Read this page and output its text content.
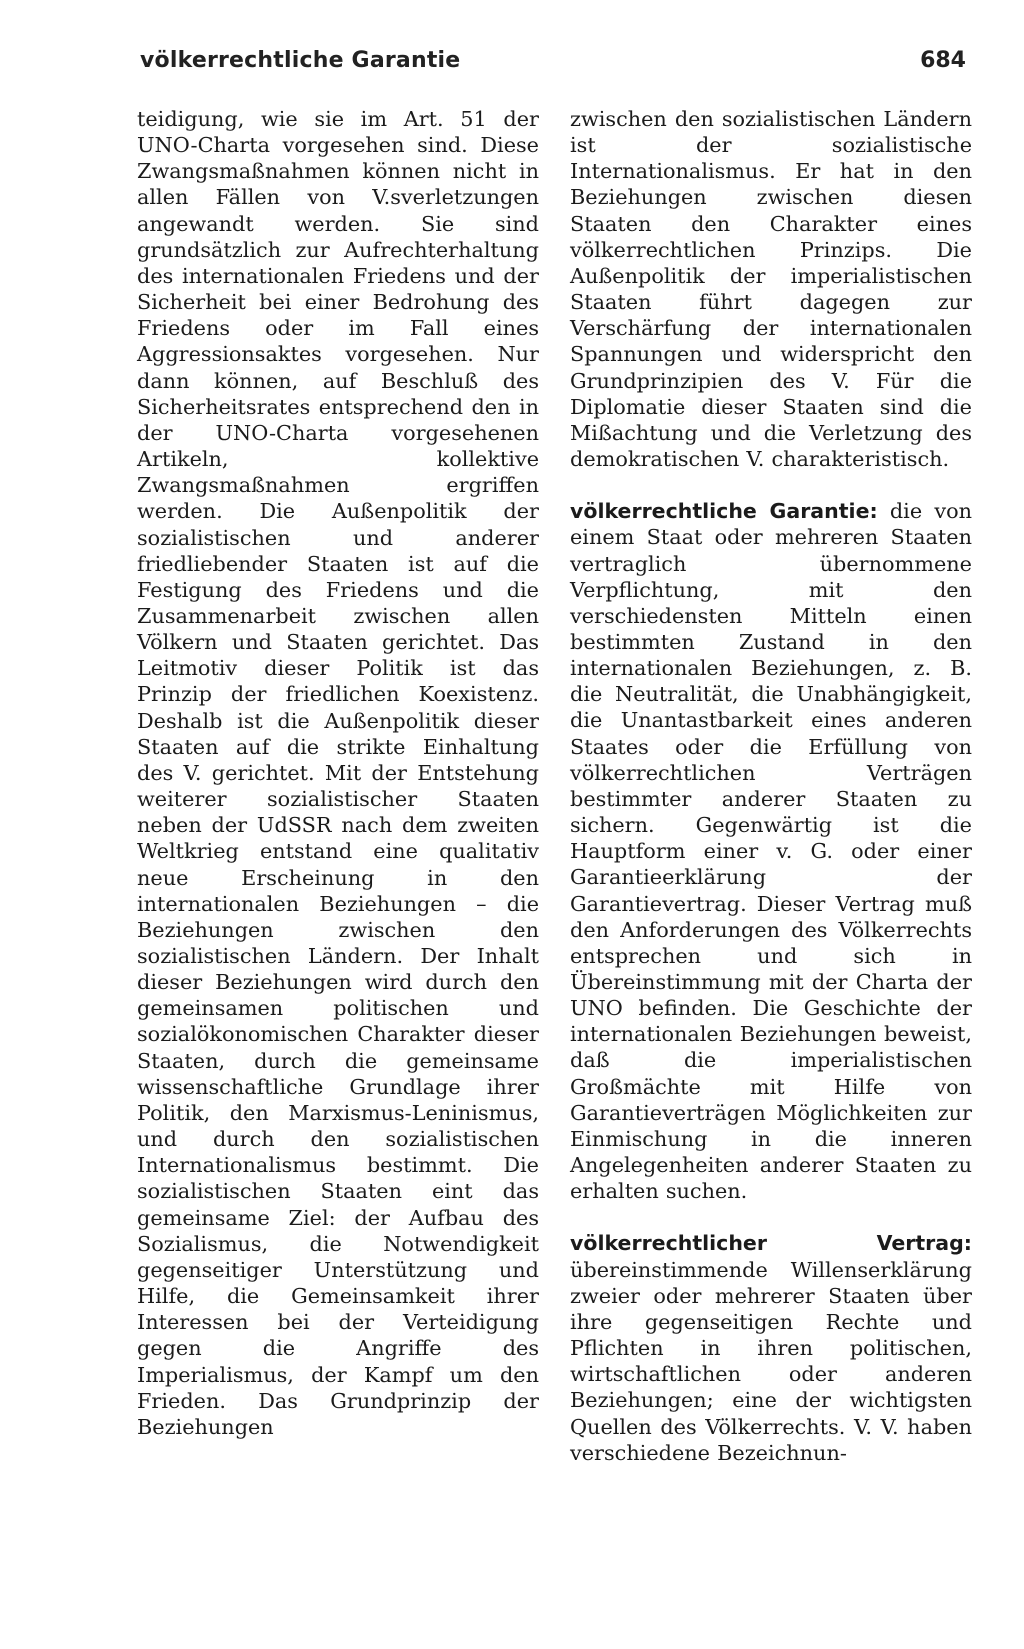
völkerrechtliche Garantie	684

teidigung, wie sie im Art. 51 der UNO-Charta vorgesehen sind. Diese Zwangsmaßnahmen können nicht in allen Fällen von V.sverletzungen angewandt werden. Sie sind grundsätzlich zur Aufrechterhaltung des internationalen Friedens und der Sicherheit bei einer Bedrohung des Friedens oder im Fall eines Aggressionsaktes vorgesehen. Nur dann können, auf Beschluß des Sicherheitsrates entsprechend den in der UNO-Charta vorgesehenen Artikeln, kollektive Zwangsmaßnahmen ergriffen werden. Die Außenpolitik der sozialistischen und anderer friedliebender Staaten ist auf die Festigung des Friedens und die Zusammenarbeit zwischen allen Völkern und Staaten gerichtet. Das Leitmotiv dieser Politik ist das Prinzip der friedlichen Koexistenz. Deshalb ist die Außenpolitik dieser Staaten auf die strikte Einhaltung des V. gerichtet. Mit der Entstehung weiterer sozialistischer Staaten neben der UdSSR nach dem zweiten Weltkrieg entstand eine qualitativ neue Erscheinung in den internationalen Beziehungen – die Beziehungen zwischen den sozialistischen Ländern. Der Inhalt dieser Beziehungen wird durch den gemeinsamen politischen und sozialökonomischen Charakter dieser Staaten, durch die gemeinsame wissenschaftliche Grundlage ihrer Politik, den Marxismus-Leninismus, und durch den sozialistischen Internationalismus bestimmt. Die sozialistischen Staaten eint das gemeinsame Ziel: der Aufbau des Sozialismus, die Notwendigkeit gegenseitiger Unterstützung und Hilfe, die Gemeinsamkeit ihrer Interessen bei der Verteidigung gegen die Angriffe des Imperialismus, der Kampf um den Frieden. Das Grundprinzip der Beziehungen

zwischen den sozialistischen Ländern ist der sozialistische Internationalismus. Er hat in den Beziehungen zwischen diesen Staaten den Charakter eines völkerrechtlichen Prinzips. Die Außenpolitik der imperialistischen Staaten führt dagegen zur Verschärfung der internationalen Spannungen und widerspricht den Grundprinzipien des V. Für die Diplomatie dieser Staaten sind die Mißachtung und die Verletzung des demokratischen V. charakteristisch.

völkerrechtliche Garantie: die von einem Staat oder mehreren Staaten vertraglich übernommene Verpflichtung, mit den verschiedensten Mitteln einen bestimmten Zustand in den internationalen Beziehungen, z. B. die Neutralität, die Unabhängigkeit, die Unantastbarkeit eines anderen Staates oder die Erfüllung von völkerrechtlichen Verträgen bestimmter anderer Staaten zu sichern. Gegenwärtig ist die Hauptform einer v. G. oder einer Garantieerklärung der Garantievertrag. Dieser Vertrag muß den Anforderungen des Völkerrechts entsprechen und sich in Übereinstimmung mit der Charta der UNO befinden. Die Geschichte der internationalen Beziehungen beweist, daß die imperialistischen Großmächte mit Hilfe von Garantieverträgen Möglichkeiten zur Einmischung in die inneren Angelegenheiten anderer Staaten zu erhalten suchen.

völkerrechtlicher Vertrag: übereinstimmende Willenserklärung zweier oder mehrerer Staaten über ihre gegenseitigen Rechte und Pflichten in ihren politischen, wirtschaftlichen oder anderen Beziehungen; eine der wichtigsten Quellen des Völkerrechts. V. V. haben verschiedene Bezeichnun-
